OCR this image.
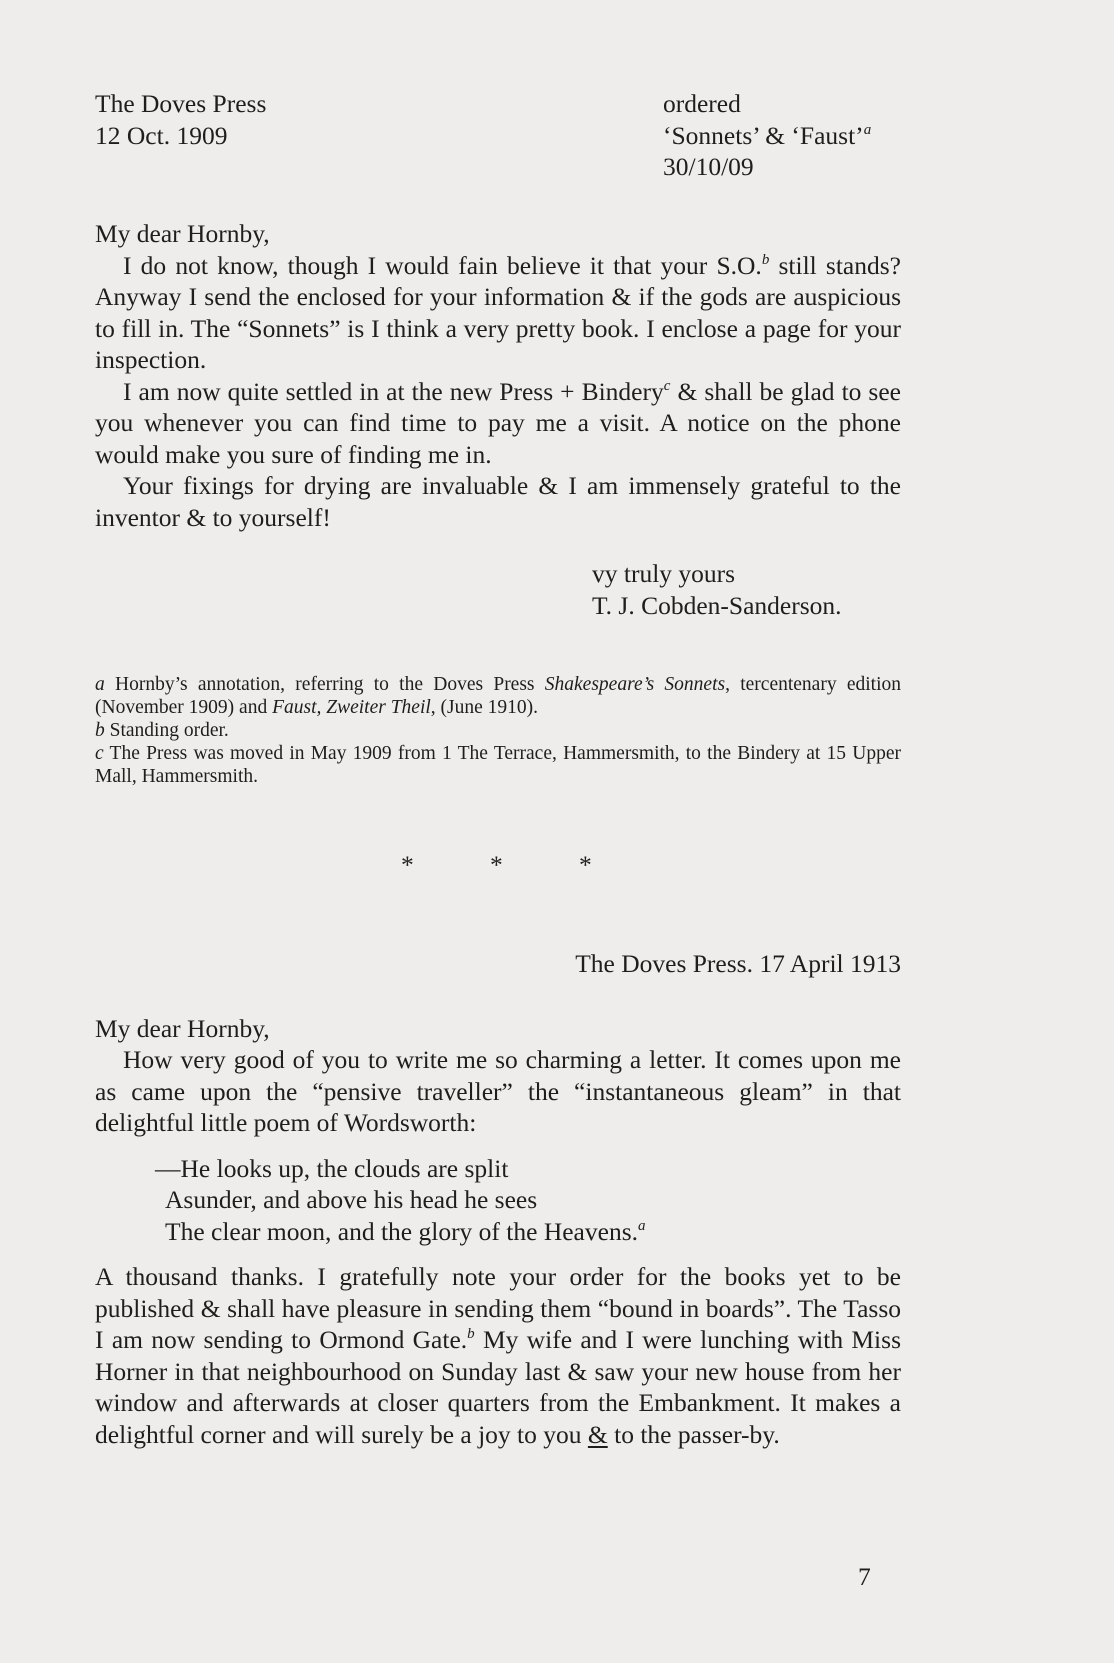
The Doves Press
12 Oct. 1909
ordered
‘Sonnets’ & ‘Faust’$^a$
30/10/09
My dear Hornby,

I do not know, though I would fain believe it that your S.O.$^b$ still stands? Anyway I send the enclosed for your information & if the gods are auspicious to fill in. The “Sonnets” is I think a very pretty book. I enclose a page for your inspection.

I am now quite settled in at the new Press + Bindery$^c$ & shall be glad to see you whenever you can find time to pay me a visit. A notice on the phone would make you sure of finding me in.

Your fixings for drying are invaluable & I am immensely grateful to the inventor & to yourself!

vy truly yours
T. J. Cobden-Sanderson.

a Hornby’s annotation, referring to the Doves Press Shakespeare’s Sonnets, tercentenary edition (November 1909) and Faust, Zweiter Theil, (June 1910).

b Standing order.

c The Press was moved in May 1909 from 1 The Terrace, Hammersmith, to the Bindery at 15 Upper Mall, Hammersmith.

*	*	*
The Doves Press. 17 April 1913
My dear Hornby,

How very good of you to write me so charming a letter. It comes upon me as came upon the “pensive traveller” the “instantaneous gleam” in that delightful little poem of Wordsworth:

—He looks up, the clouds are split
Asunder, and above his head he sees
The clear moon, and the glory of the Heavens.$^a$

A thousand thanks. I gratefully note your order for the books yet to be published & shall have pleasure in sending them “bound in boards”. The Tasso I am now sending to Ormond Gate.$^b$ My wife and I were lunching with Miss Horner in that neighbourhood on Sunday last & saw your new house from her window and afterwards at closer quarters from the Embankment. It makes a delightful corner and will surely be a joy to you & to the passer-by.

7
